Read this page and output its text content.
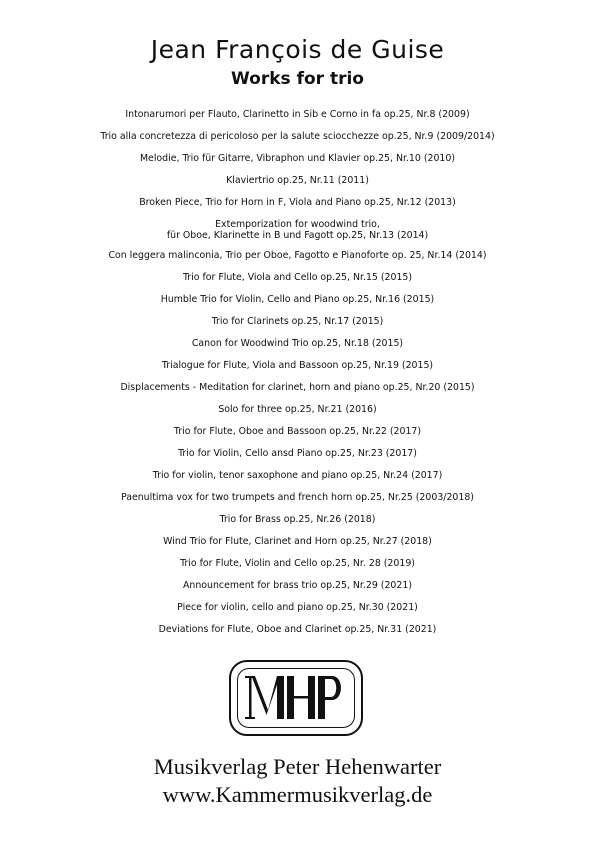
Jean François de Guise
Works for trio
Intonarumori per Flauto, Clarinetto in Sib e Corno in fa op.25, Nr.8 (2009)
Trio alla concretezza di pericoloso per la salute sciocchezze op.25, Nr.9 (2009/2014)
Melodie, Trio für Gitarre, Vibraphon und Klavier op.25, Nr.10 (2010)
Klaviertrio op.25, Nr.11 (2011)
Broken Piece, Trio for Horn in F, Viola and Piano op.25, Nr.12 (2013)
Extemporization for woodwind trio,
für Oboe, Klarinette in B und Fagott op.25, Nr.13 (2014)
Con leggera malinconia, Trio per Oboe, Fagotto e Pianoforte op. 25, Nr.14 (2014)
Trio for Flute, Viola and Cello op.25, Nr.15 (2015)
Humble Trio for Violin, Cello and Piano op.25, Nr.16 (2015)
Trio for Clarinets op.25, Nr.17 (2015)
Canon for Woodwind Trio op.25, Nr.18 (2015)
Trialogue for Flute, Viola and Bassoon op.25, Nr.19 (2015)
Displacements - Meditation for clarinet, horn and piano op.25, Nr.20 (2015)
Solo for three op.25, Nr.21 (2016)
Trio for Flute, Oboe and Bassoon op.25, Nr.22 (2017)
Trio for Violin, Cello ansd Piano op.25, Nr.23 (2017)
Trio for violin, tenor saxophone and piano op.25, Nr.24 (2017)
Paenultima vox for two trumpets and french horn op.25, Nr.25 (2003/2018)
Trio for Brass op.25, Nr.26 (2018)
Wind Trio for Flute, Clarinet and Horn op.25, Nr.27 (2018)
Trio for Flute, Violin and Cello op.25, Nr. 28 (2019)
Announcement for brass trio op.25, Nr.29 (2021)
Piece for violin, cello and piano op.25, Nr.30 (2021)
Deviations for Flute, Oboe and Clarinet op.25, Nr.31 (2021)
Musikverlag Peter Hehenwarter
www.Kammermusikverlag.de
